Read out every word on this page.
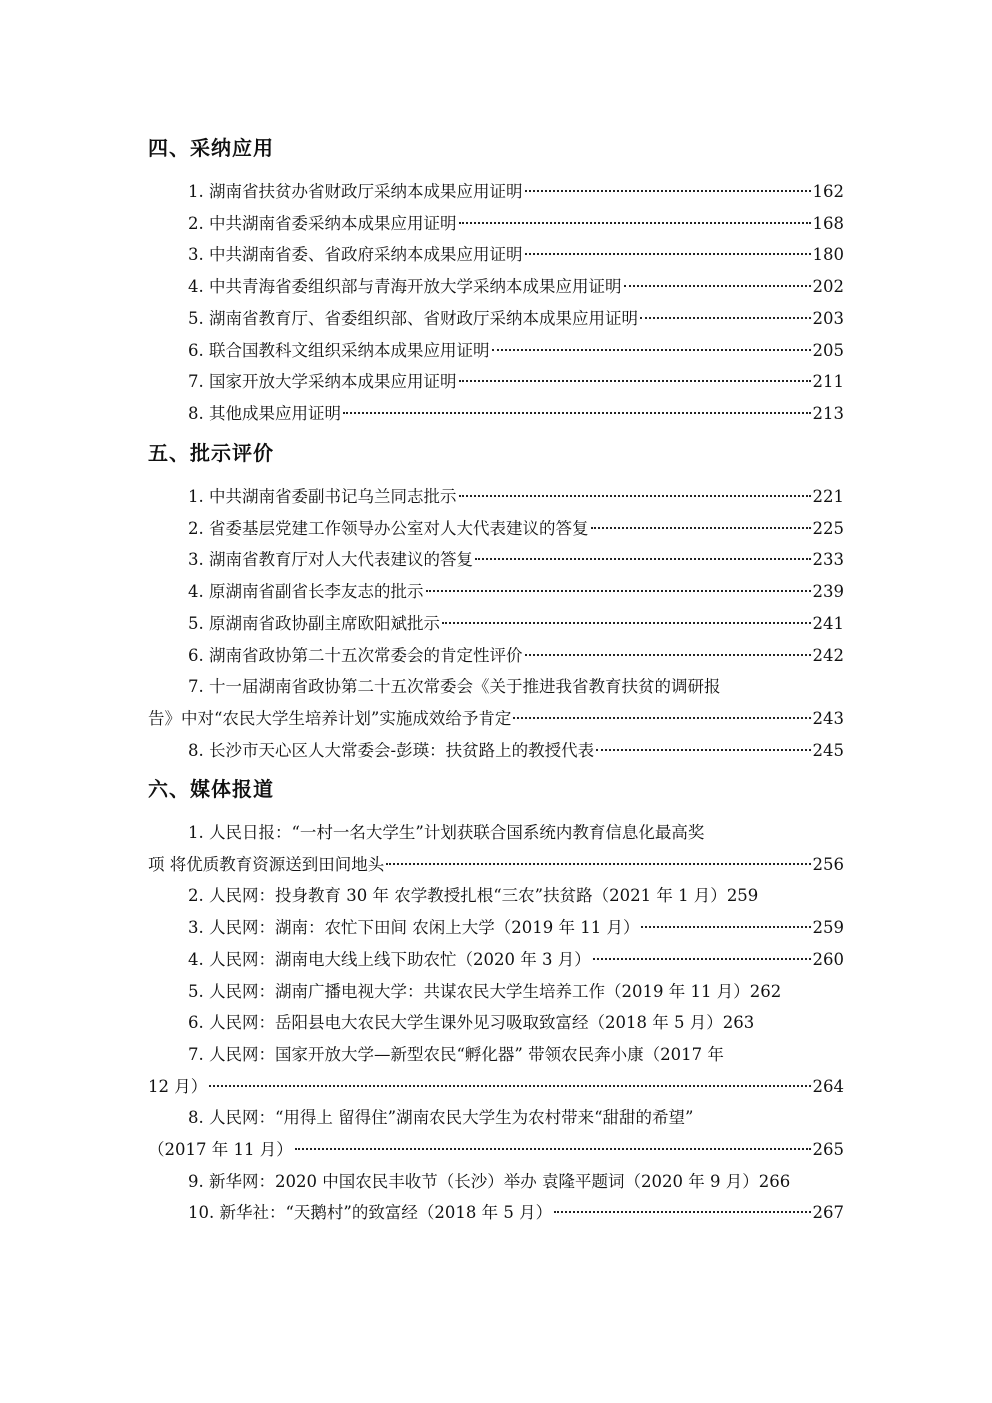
四、采纳应用
1. 湖南省扶贫办省财政厅采纳本成果应用证明	162
2. 中共湖南省委采纳本成果应用证明	168
3. 中共湖南省委、省政府采纳本成果应用证明	180
4. 中共青海省委组织部与青海开放大学采纳本成果应用证明	202
5. 湖南省教育厅、省委组织部、省财政厅采纳本成果应用证明	203
6. 联合国教科文组织采纳本成果应用证明	205
7. 国家开放大学采纳本成果应用证明	211
8. 其他成果应用证明	213
五、批示评价
1. 中共湖南省委副书记乌兰同志批示	221
2. 省委基层党建工作领导办公室对人大代表建议的答复	225
3. 湖南省教育厅对人大代表建议的答复	233
4. 原湖南省副省长李友志的批示	239
5. 原湖南省政协副主席欧阳斌批示	241
6. 湖南省政协第二十五次常委会的肯定性评价	242
7. 十一届湖南省政协第二十五次常委会《关于推进我省教育扶贫的调研报
告》中对“农民大学生培养计划”实施成效给予肯定	243
8. 长沙市天心区人大常委会-彭瑛：扶贫路上的教授代表	245
六、媒体报道
1. 人民日报：“一村一名大学生”计划获联合国系统内教育信息化最高奖
项 将优质教育资源送到田间地头	256
2. 人民网：投身教育 30 年 农学教授扎根“三农”扶贫路（2021 年 1 月） 259
3. 人民网：湖南：农忙下田间 农闲上大学（2019 年 11 月）	259
4. 人民网：湖南电大线上线下助农忙（2020 年 3 月）	260
5. 人民网：湖南广播电视大学：共谋农民大学生培养工作（2019 年 11 月） 262
6. 人民网：岳阳县电大农民大学生课外见习吸取致富经（2018 年 5 月） 263
7. 人民网：国家开放大学—新型农民“孵化器” 带领农民奔小康（2017 年
12 月）	264
8. 人民网：“用得上 留得住”湖南农民大学生为农村带来“甜甜的希望”
（2017 年 11 月）	265
9. 新华网：2020 中国农民丰收节（长沙）举办 袁隆平题词（2020 年 9 月） 266
10. 新华社：“天鹅村”的致富经（2018 年 5 月）	267
